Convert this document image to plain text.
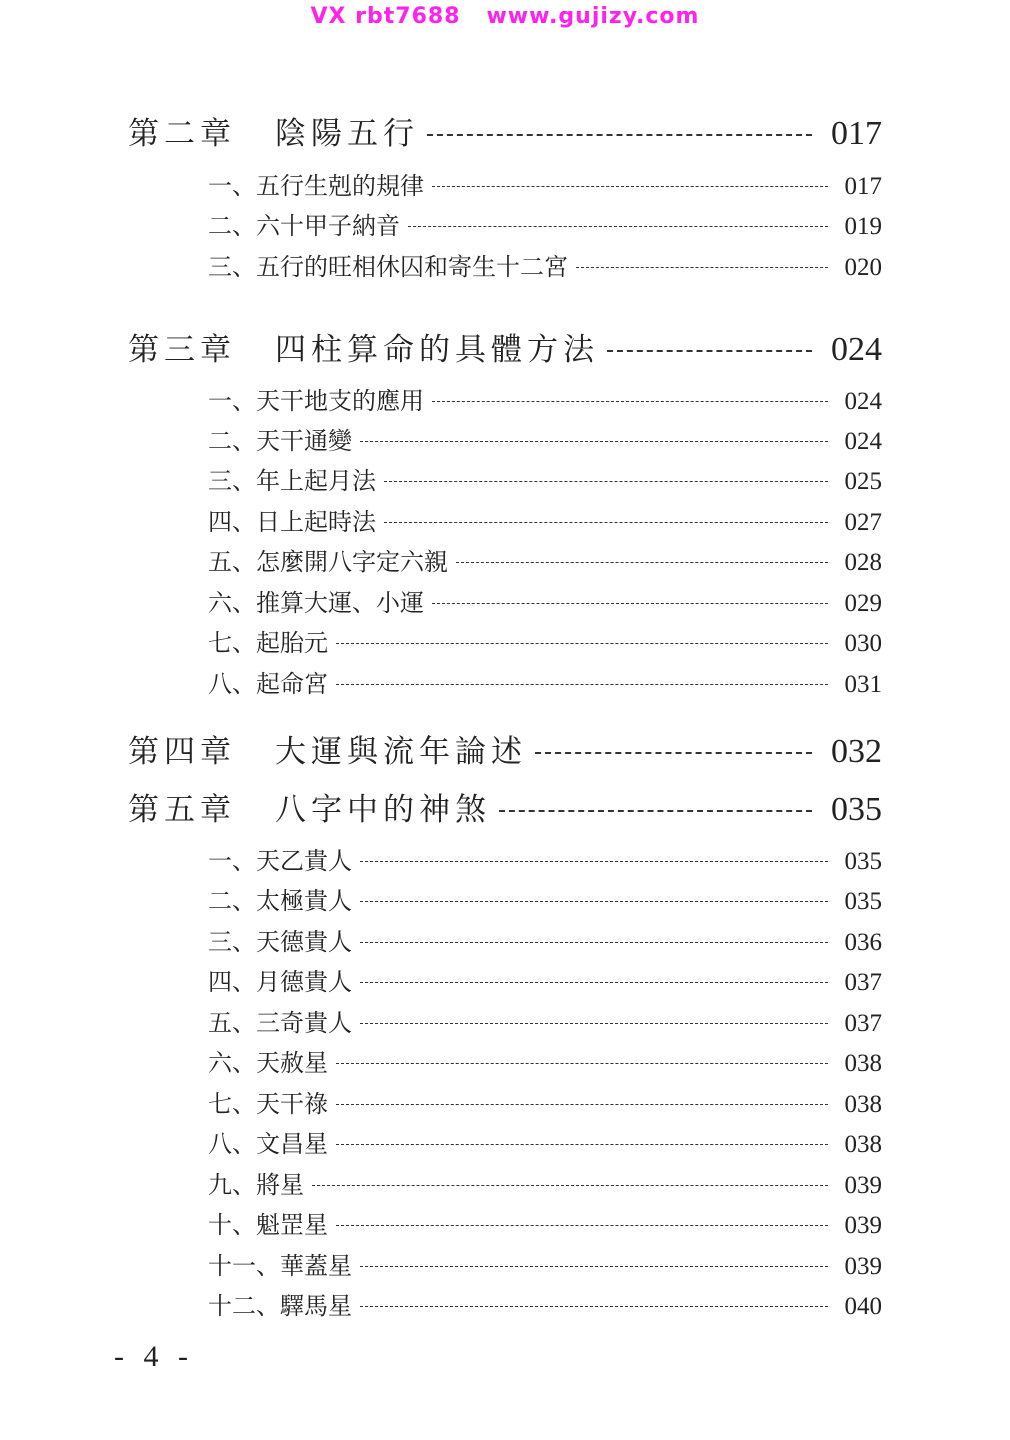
VX rbt7688   www.gujizy.com
第二章	陰陽五行	017
一、五行生剋的規律	017
二、六十甲子納音	019
三、五行的旺相休囚和寄生十二宮	020
第三章	四柱算命的具體方法	024
一、天干地支的應用	024
二、天干通變	024
三、年上起月法	025
四、日上起時法	027
五、怎麼開八字定六親	028
六、推算大運、小運	029
七、起胎元	030
八、起命宮	031
第四章	大運與流年論述	032
第五章	八字中的神煞	035
一、天乙貴人	035
二、太極貴人	035
三、天德貴人	036
四、月德貴人	037
五、三奇貴人	037
六、天赦星	038
七、天干祿	038
八、文昌星	038
九、將星	039
十、魁罡星	039
十一、華蓋星	039
十二、驛馬星	040
- 4 -
